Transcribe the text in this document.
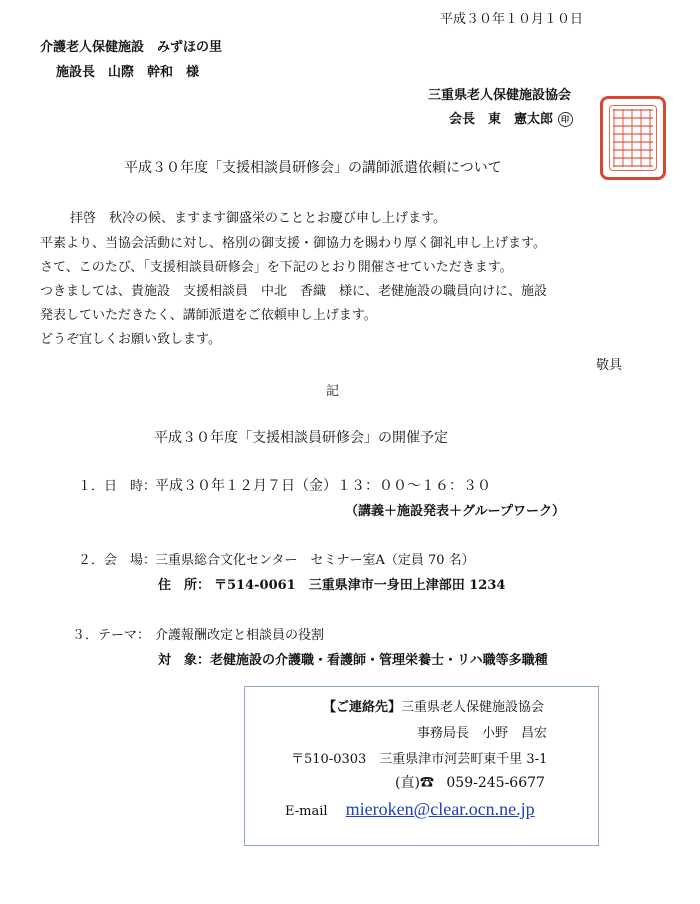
平成３０年１０月１０日
介護老人保健施設　みずほの里
施設長　山際　幹和　様
三重県老人保健施設協会
会長　東　憲太郎 印
平成３０年度「支援相談員研修会」の講師派遣依頼について
拝啓　秋冷の候、ますます御盛栄のこととお慶び申し上げます。
平素より、当協会活動に対し、格別の御支援・御協力を賜わり厚く御礼申し上げます。
さて、このたび、「支援相談員研修会」を下記のとおり開催させていただきます。
つきましては、貴施設　支援相談員　中北　香織　様に、老健施設の職員向けに、施設
発表していただきたく、講師派遣をご依頼申し上げます。
どうぞ宜しくお願い致します。
敬具
記
平成３０年度「支援相談員研修会」の開催予定
１．日　時：
平成３０年１２月７日（金）１３：００～１６：３０
（講義＋施設発表＋グループワーク）
２．会　場：
三重県総合文化センター　セミナー室A（定員 70 名）
住　所： 〒514-0061　三重県津市一身田上津部田 1234
３．テーマ： 介護報酬改定と相談員の役割
対　象： 老健施設の介護職・看護師・管理栄養士・リハ職等多職種
【ご連絡先】三重県老人保健施設協会
事務局長　小野　昌宏
〒510-0303　三重県津市河芸町東千里 3-1
(直)☎ 059-245-6677
E-mail mieroken@clear.ocn.ne.jp
